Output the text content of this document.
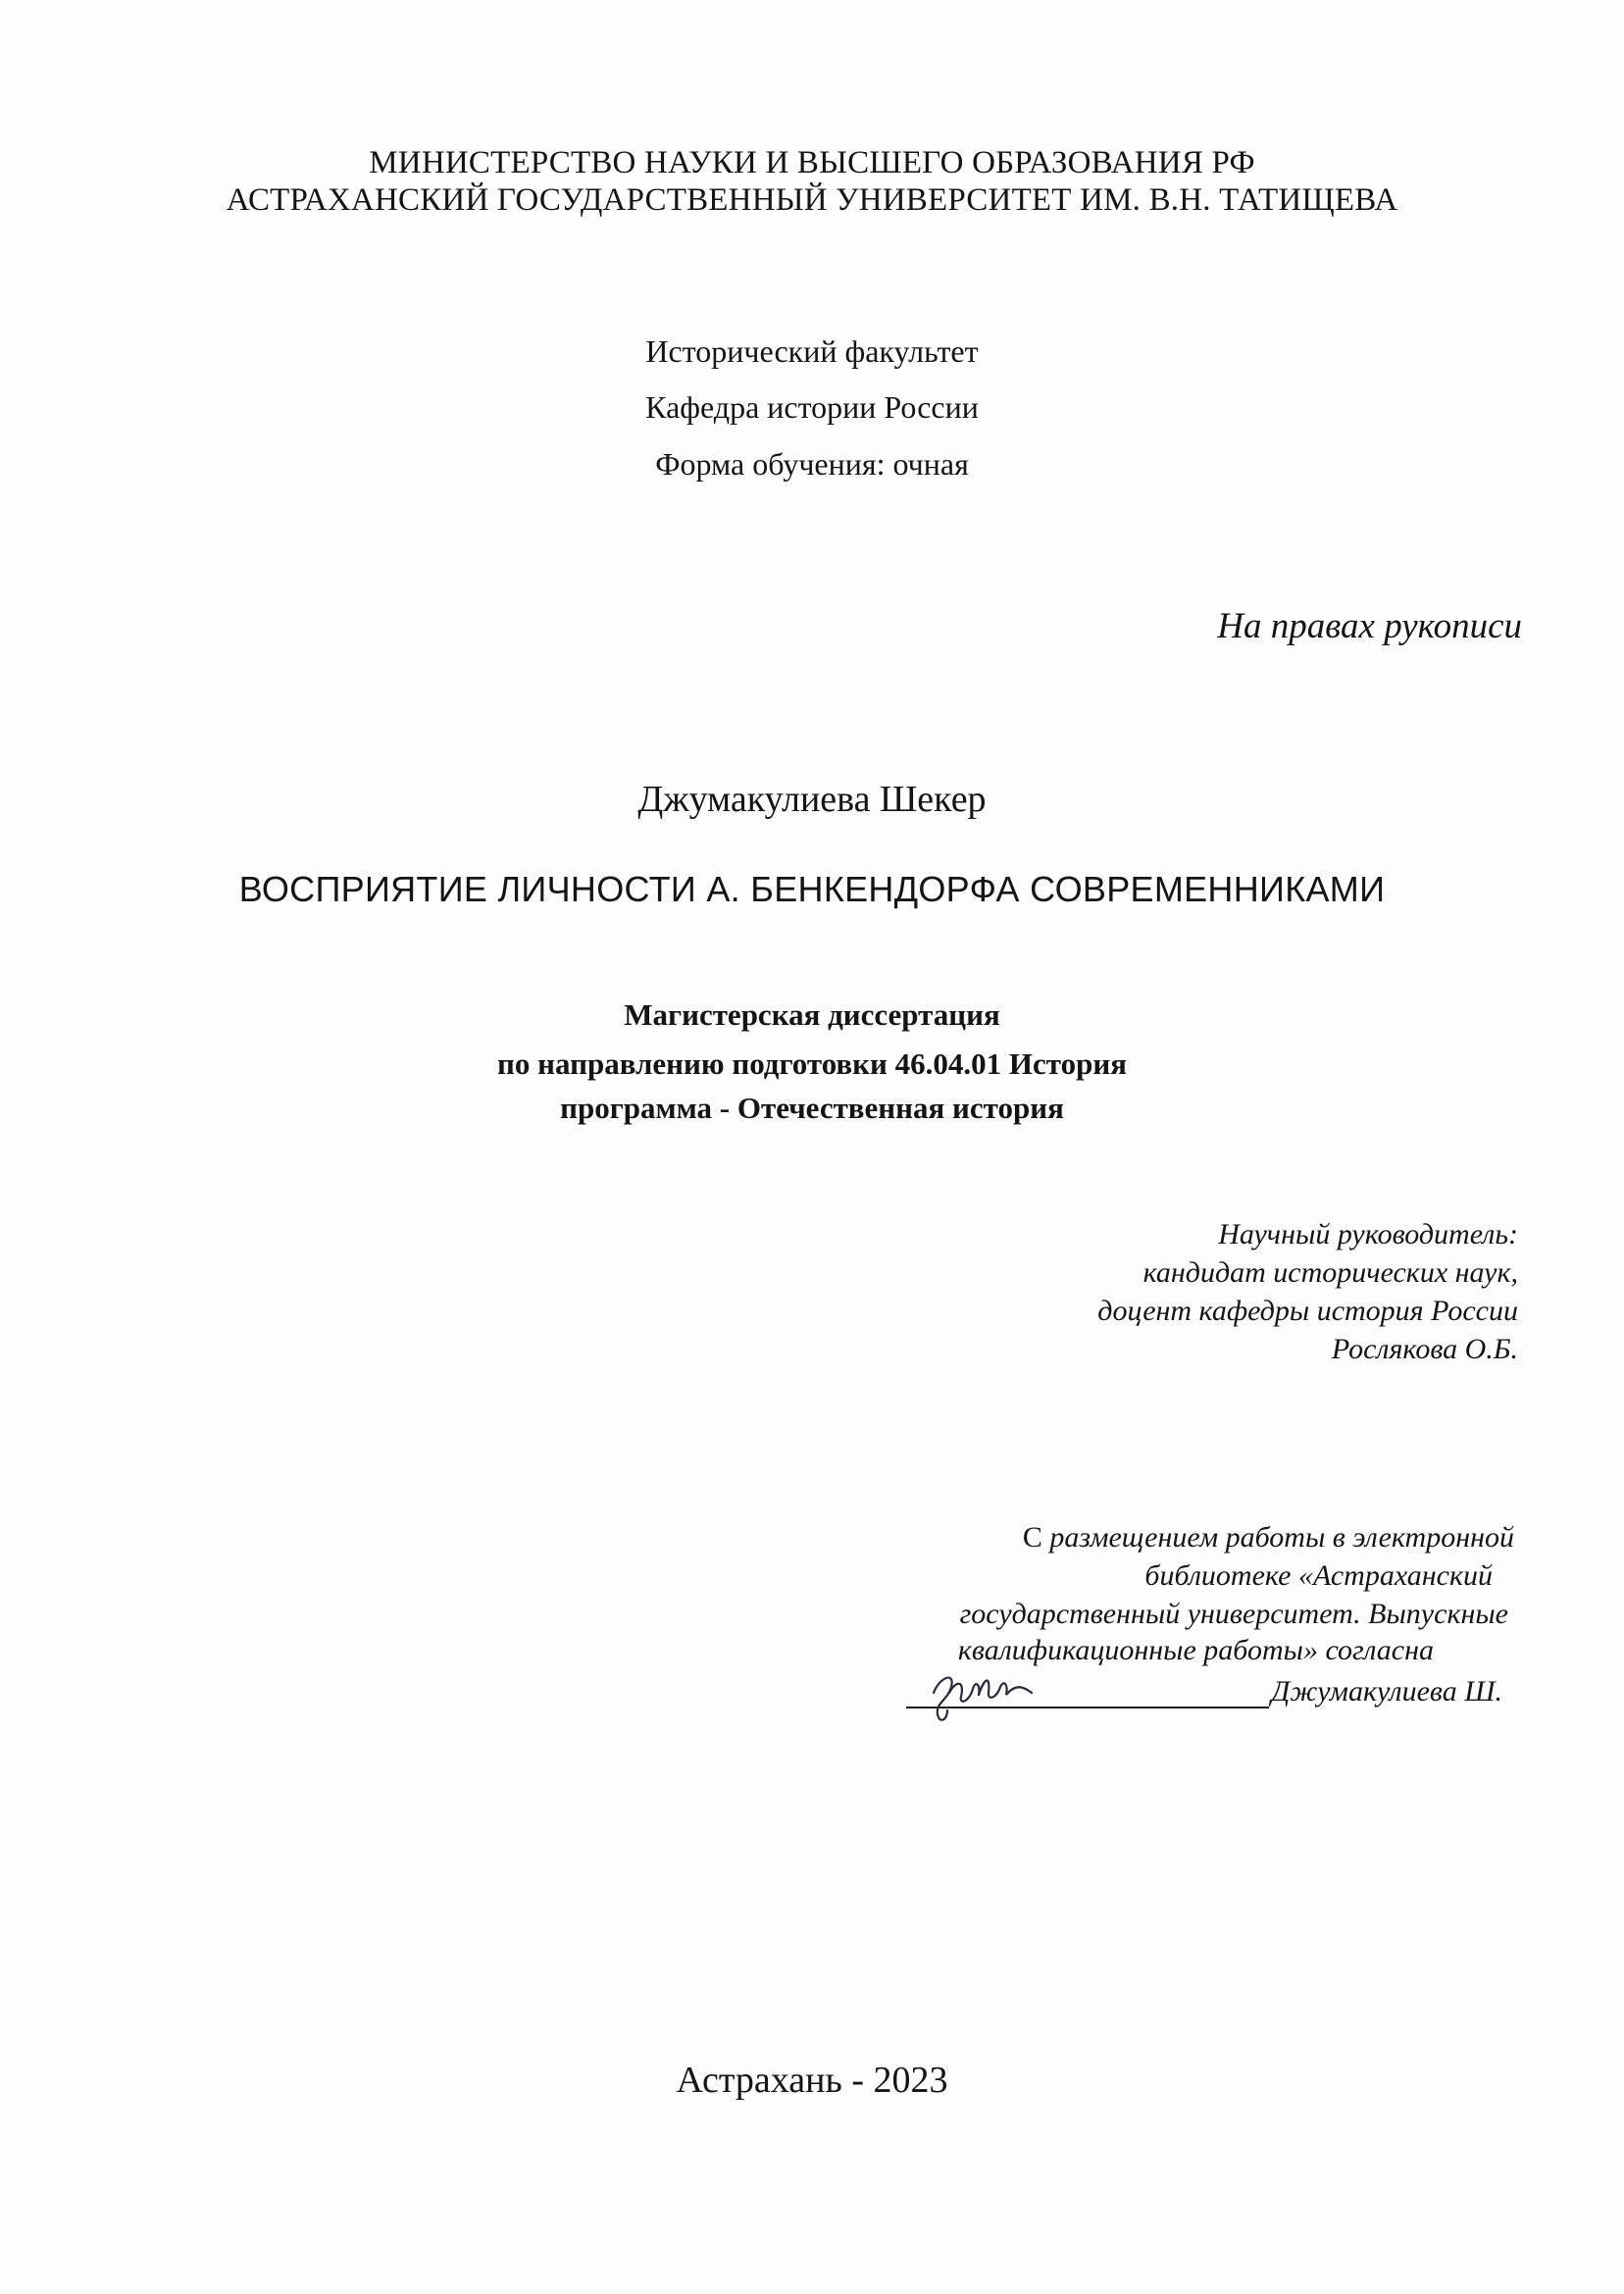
МИНИСТЕРСТВО НАУКИ И ВЫСШЕГО ОБРАЗОВАНИЯ РФ
АСТРАХАНСКИЙ ГОСУДАРСТВЕННЫЙ УНИВЕРСИТЕТ ИМ. В.Н. ТАТИЩЕВА
Исторический факультет
Кафедра истории России
Форма обучения: очная
На правах рукописи
Джумакулиева Шекер
ВОСПРИЯТИЕ ЛИЧНОСТИ А. БЕНКЕНДОРФА СОВРЕМЕННИКАМИ
Магистерская диссертация
по направлению подготовки 46.04.01 История
программа - Отечественная история
Научный руководитель:
кандидат исторических наук,
доцент кафедры история России
Рослякова О.Б.
С размещением работы в электронной
библиотеке «Астраханский
государственный университет. Выпускные
квалификационные работы» согласна
Джумакулиева Ш.
Астрахань - 2023
